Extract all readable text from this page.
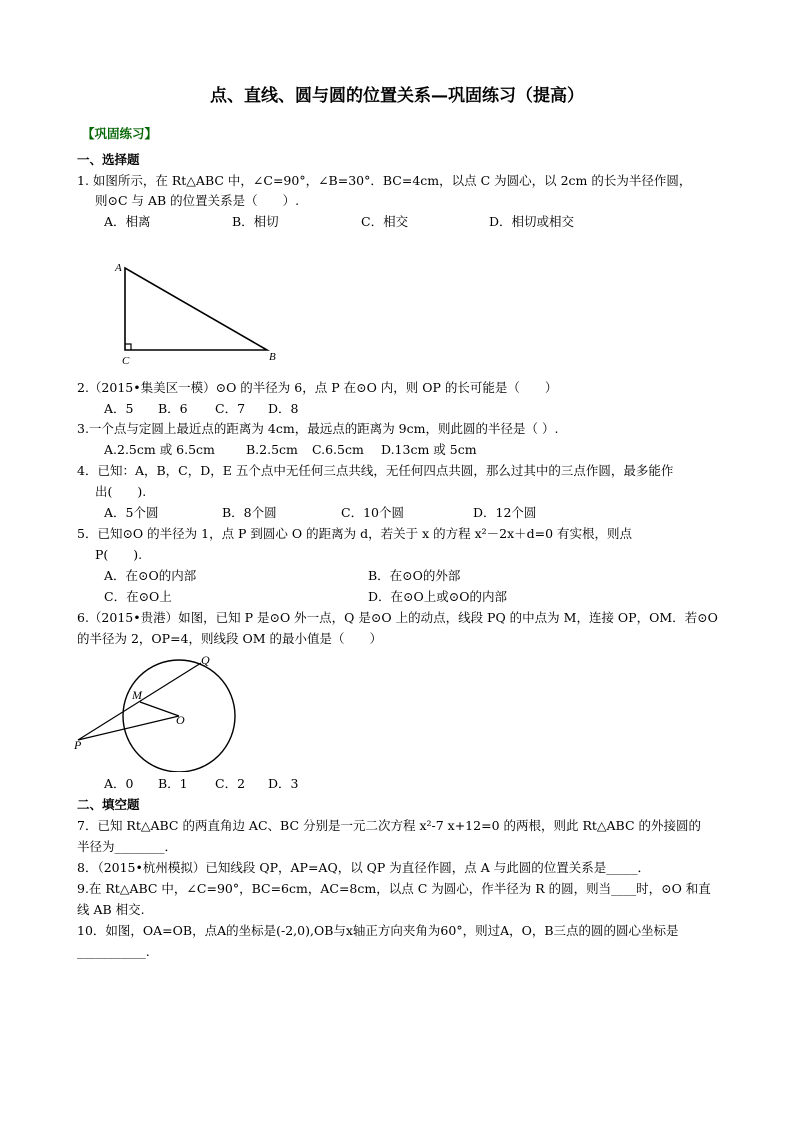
点、直线、圆与圆的位置关系—巩固练习（提高）
【巩固练习】
一、选择题
1. 如图所示，在 Rt△ABC 中，∠C=90°，∠B=30°．BC=4cm，以点 C 为圆心，以 2cm 的长为半径作圆，
则⊙C 与 AB 的位置关系是（　　）.
A．相离	B．相切	C．相交	D．相切或相交
A
C	B
2.（2015•集美区一模）⊙O 的半径为 6，点 P 在⊙O 内，则 OP 的长可能是（　　）
A．5 B．6 C．7 D．8
3.一个点与定圆上最近点的距离为 4cm，最远点的距离为 9cm，则此圆的半径是（ ）.
A.2.5cm 或 6.5cm B.2.5cm C.6.5cm D.13cm 或 5cm
4．已知：A，B，C，D，E 五个点中无任何三点共线，无任何四点共圆，那么过其中的三点作圆，最多能作
出(　　).
A．5个圆	B．8个圆	C．10个圆	D．12个圆
5．已知⊙O 的半径为 1，点 P 到圆心 O 的距离为 d，若关于 x 的方程 x²－2x＋d=0 有实根，则点
P(　　).
A．在⊙O的内部	B．在⊙O的外部
C．在⊙O上	D．在⊙O上或⊙O的内部
6.（2015•贵港）如图，已知 P 是⊙O 外一点，Q 是⊙O 上的动点，线段 PQ 的中点为 M，连接 OP，OM．若⊙O
的半径为 2，OP=4，则线段 OM 的最小值是（　　）
Q
M
O
P
A．0 B．1 C．2 D．3
二、填空题
7．已知 Rt△ABC 的两直角边 AC、BC 分别是一元二次方程 x²-7 x+12=0 的两根，则此 Rt△ABC 的外接圆的
半径为________．
8．（2015•杭州模拟）已知线段 QP，AP=AQ，以 QP 为直径作圆，点 A 与此圆的位置关系是_____．
9.在 Rt△ABC 中，∠C=90°，BC=6cm，AC=8cm，以点 C 为圆心，作半径为 R 的圆，则当____时，⊙O 和直
线 AB 相交.
10．如图，OA=OB，点A的坐标是(-2,0),OB与x轴正方向夹角为60°，则过A，O，B三点的圆的圆心坐标是
___________.
